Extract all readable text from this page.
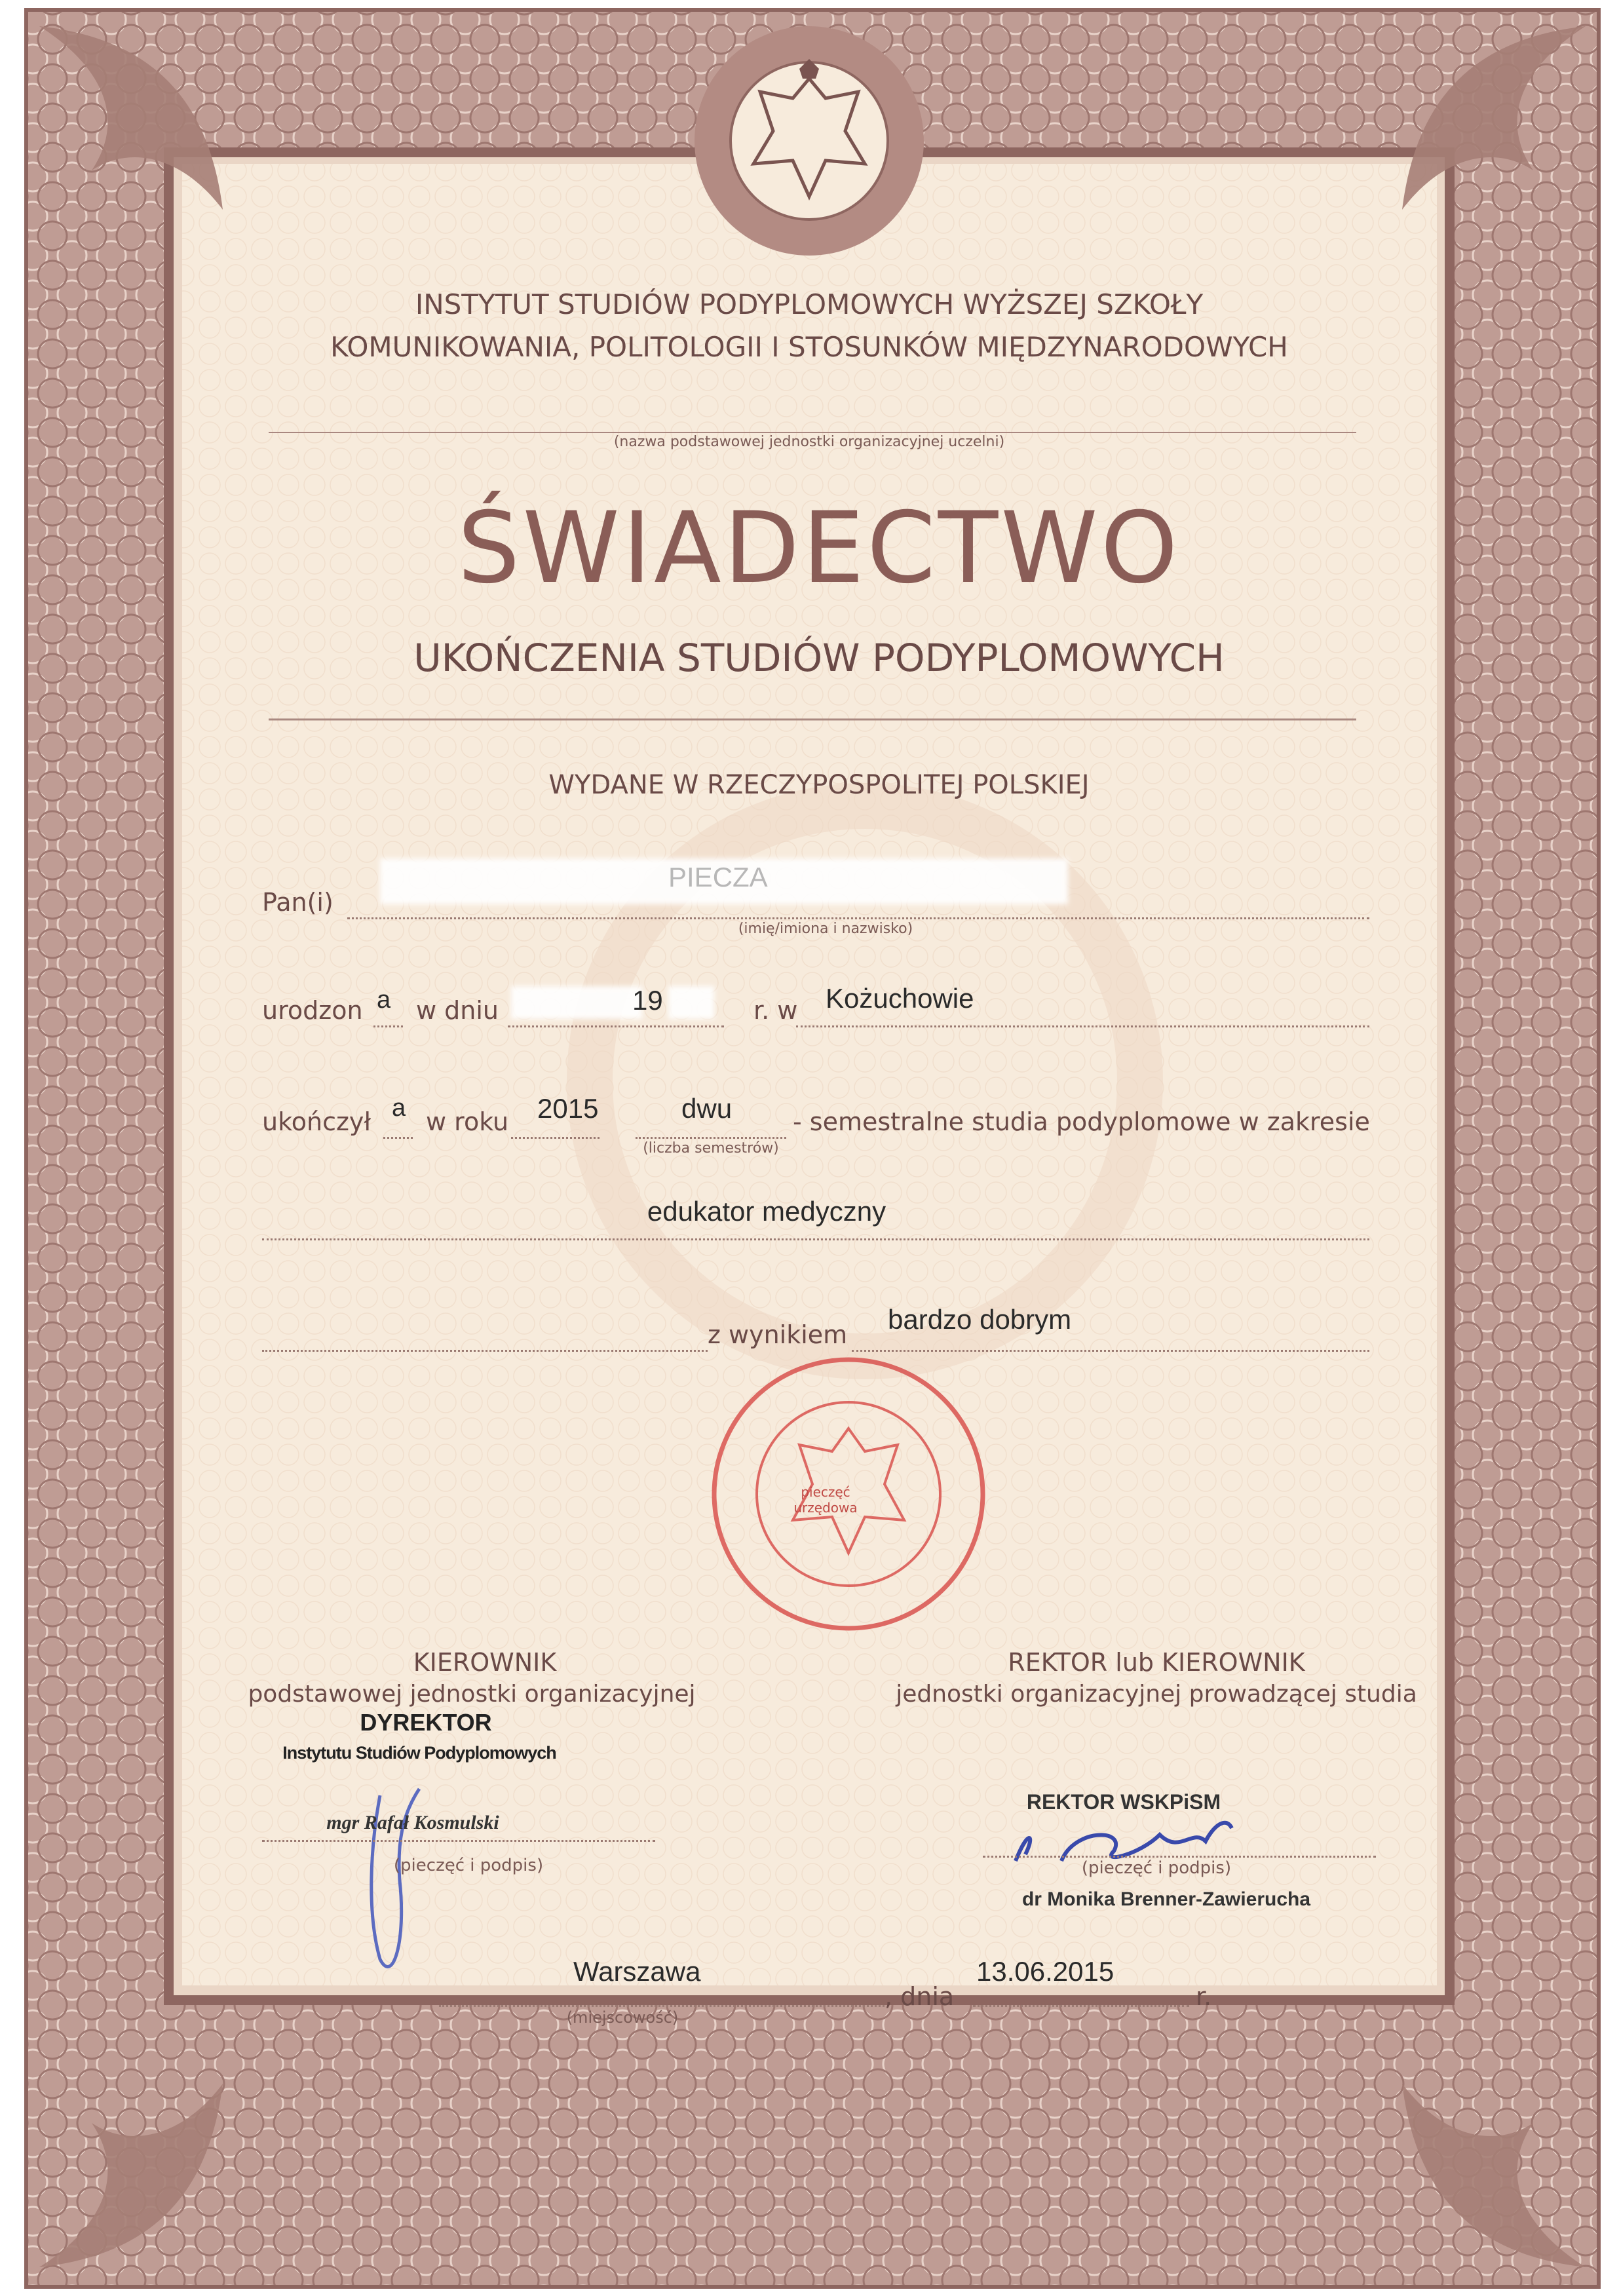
INSTYTUT STUDIÓW PODYPLOMOWYCH WYŻSZEJ SZKOŁY
KOMUNIKOWANIA, POLITOLOGII I STOSUNKÓW MIĘDZYNARODOWYCH
(nazwa podstawowej jednostki organizacyjnej uczelni)
ŚWIADECTWO
UKOŃCZENIA STUDIÓW PODYPLOMOWYCH
WYDANE W RZECZYPOSPOLITEJ POLSKIEJ
Pan(i)
PIECZA
(imię/imiona i nazwisko)
urodzon a w dniu	19	r. w Kożuchowie
ukończył a w roku 2015	dwu
(liczba semestrów)
- semestralne studia podyplomowe w zakresie
edukator medyczny
z wynikiem bardzo dobrym
pieczęć urzędowa
KIEROWNIK
podstawowej jednostki organizacyjnej
DYREKTOR
Instytutu Studiów Podyplomowych
mgr Rafał Kosmulski
(pieczęć i podpis)
REKTOR lub KIEROWNIK
jednostki organizacyjnej prowadzącej studia
REKTOR WSKPiSM
(pieczęć i podpis)
dr Monika Brenner-Zawierucha
Warszawa
(miejscowość)
, dnia
13.06.2015
r.
